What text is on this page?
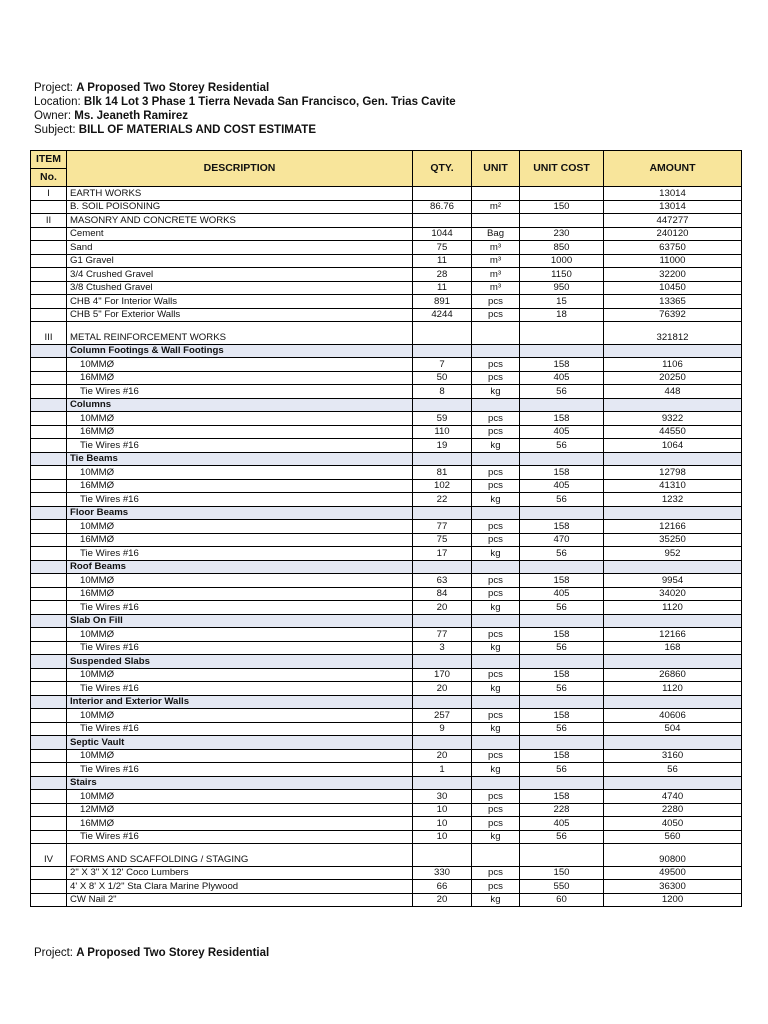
Project: A Proposed Two Storey Residential
Location: Blk 14 Lot 3 Phase 1 Tierra Nevada San Francisco, Gen. Trias Cavite
Owner: Ms. Jeaneth Ramirez
Subject: BILL OF MATERIALS AND COST ESTIMATE
ITEM	DESCRIPTION	QTY.	UNIT	UNIT COST	AMOUNT
No.					
I	EARTH WORKS				13014
	B. SOIL POISONING	86.76	m²	150	13014
II	MASONRY AND CONCRETE WORKS				447277
	Cement	1044	Bag	230	240120
	Sand	75	m³	850	63750
	G1 Gravel	11	m³	1000	11000
	3/4 Crushed Gravel	28	m³	1150	32200
	3/8 Ctushed Gravel	11	m³	950	10450
	CHB 4" For Interior Walls	891	pcs	15	13365
	CHB 5" For Exterior Walls	4244	pcs	18	76392

III	METAL REINFORCEMENT WORKS				321812
	Column Footings & Wall Footings				
	10MMØ	7	pcs	158	1106
	16MMØ	50	pcs	405	20250
	Tie Wires #16	8	kg	56	448
	Columns				
	10MMØ	59	pcs	158	9322
	16MMØ	110	pcs	405	44550
	Tie Wires #16	19	kg	56	1064
	Tie Beams				
	10MMØ	81	pcs	158	12798
	16MMØ	102	pcs	405	41310
	Tie Wires #16	22	kg	56	1232
	Floor Beams				
	10MMØ	77	pcs	158	12166
	16MMØ	75	pcs	470	35250
	Tie Wires #16	17	kg	56	952
	Roof Beams				
	10MMØ	63	pcs	158	9954
	16MMØ	84	pcs	405	34020
	Tie Wires #16	20	kg	56	1120
	Slab On Fill				
	10MMØ	77	pcs	158	12166
	Tie Wires #16	3	kg	56	168
	Suspended Slabs				
	10MMØ	170	pcs	158	26860
	Tie Wires #16	20	kg	56	1120
	Interior and Exterior Walls				
	10MMØ	257	pcs	158	40606
	Tie Wires #16	9	kg	56	504
	Septic Vault				
	10MMØ	20	pcs	158	3160
	Tie Wires #16	1	kg	56	56
	Stairs				
	10MMØ	30	pcs	158	4740
	12MMØ	10	pcs	228	2280
	16MMØ	10	pcs	405	4050
	Tie Wires #16	10	kg	56	560

IV	FORMS AND SCAFFOLDING / STAGING				90800
	2" X 3" X 12' Coco Lumbers	330	pcs	150	49500
	4' X 8' X 1/2" Sta Clara Marine Plywood	66	pcs	550	36300
	CW Nail 2"	20	kg	60	1200
Project: A Proposed Two Storey Residential
